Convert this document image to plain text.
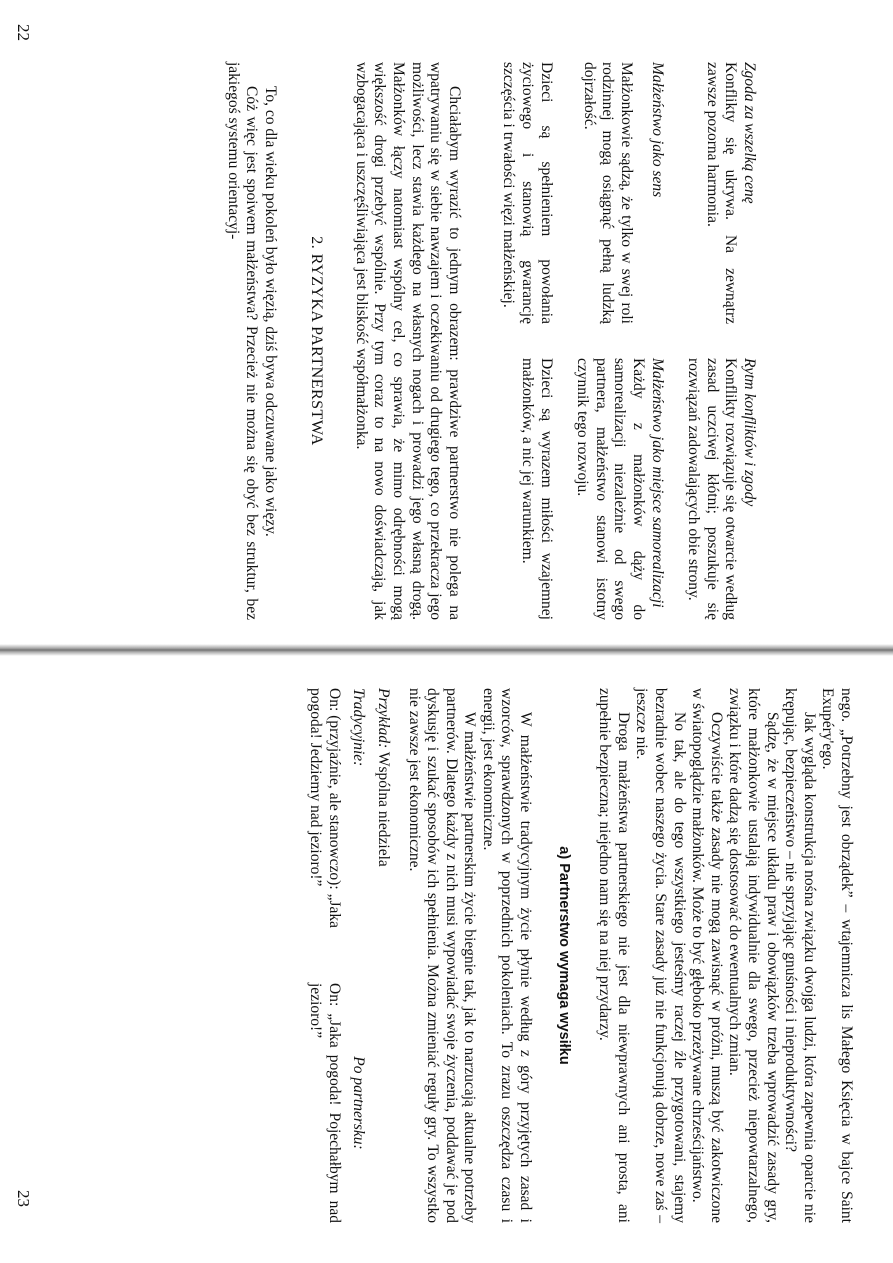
Zgoda za wszelką cenę

Konflikty się ukrywa. Na zewnątrz zawsze pozorna harmonia.

Rytm konfliktów i zgody

Konflikty rozwiązuje się otwarcie według zasad uczciwej kłótni; poszukuje się rozwiązań zadowalających obie strony.

Małżeństwo jako sens

Małżonkowie sądzą, że tylko w swej roli rodzinnej mogą osiągnąć pełną ludzką dojrzałość.

Małżeństwo jako miejsce samorealizacji

Każdy z małżonków dąży do samorealizacji niezależnie od swego partnera, małżeństwo stanowi istotny czynnik tego rozwoju.

Dzieci są spełnieniem powołania życiowego i stanowią gwarancję szczęścia i trwałości więzi małżeńskiej.

Dzieci są wyrazem miłości wzajemnej małżonków, a nic jej warunkiem.

Chciałabym wyrazić to jednym obrazem: prawdziwe partnerstwo nie polega na wpatrywaniu się w siebie nawzajem i oczekiwaniu od drugiego tego, co przekracza jego możliwości, lecz stawia każdego na własnych nogach i prowadzi jego własną drogą. Małżonków łączy natomiast wspólny cel, co sprawia, że mimo odrębności mogą większość drogi przebyć wspólnie. Przy tym coraz to na nowo doświadczają, jak wzbogacająca i uszczęśliwiająca jest bliskość współmałżonka.

2. RYZYKA PARTNERSTWA

To, co dla wieku pokoleń było więzią, dziś bywa odczuwane jako więzy.

Cóż więc jest spoiwem małżeństwa? Przecież nie można się obyć bez struktur, bez jakiegoś systemu orientacyj-

nego. „Potrzebny jest obrządek” – wtajemnicza lis Małego Księcia w bajce Saint Exupéry'ego.

Jak wygląda konstrukcja nośna związku dwojga ludzi, która zapewnia oparcie nie krępując, bezpieczeństwo – nie sprzyjając gnuśności i nieproduktywności?

Sądzę, że w miejsce układu praw i obowiązków trzeba wprowadzić zasady gry, które małżonkowie ustalają indywidualnie dla swego, przecież niepowtarzalnego, związku i które dadzą się dostosować do ewentualnych zmian.

Oczywiście także zasady nie mogą zawisnąć w próżni, muszą być zakotwiczone w światopoglądzie małżonków. Może to być głęboko przeżywane chrześcijaństwo.

No tak, ale do tego wszystkiego jesteśmy raczej źle przygotowani, stajemy bezradnie wobec naszego życia. Stare zasady już nie funkcjonują dobrze, nowe zaś – jeszcze nie.

Droga małżeństwa partnerskiego nie jest dla niewprawnych ani prosta, ani zupełnie bezpieczna; niejedno nam się na niej przydarzy.

a) Partnerstwo wymaga wysiłku

W małżeństwie tradycyjnym życie płynie według z góry przyjętych zasad i wzorców, sprawdzonych w poprzednich pokoleniach. To zrazu oszczędza czasu i energii, jest ekonomiczne.

W małżeństwie partnerskim życie biegnie tak, jak to narzucają aktualne potrzeby partnerów. Dlatego każdy z nich musi wypowiadać swoje życzenia, poddawać je pod dyskusję i szukać sposobów ich spełnienia. Można zmieniać reguły gry. To wszystko nie zawsze jest ekonomiczne.

Przykład: Wspólna niedziela

Tradycyjnie:

Po partnersku:

On: (przyjaźnie, ale stanowczo): „Jaka pogoda! Jedziemy nad jezioro!”

On: „Jaka pogoda! Pojechałbym nad jezioro!”

22
23
